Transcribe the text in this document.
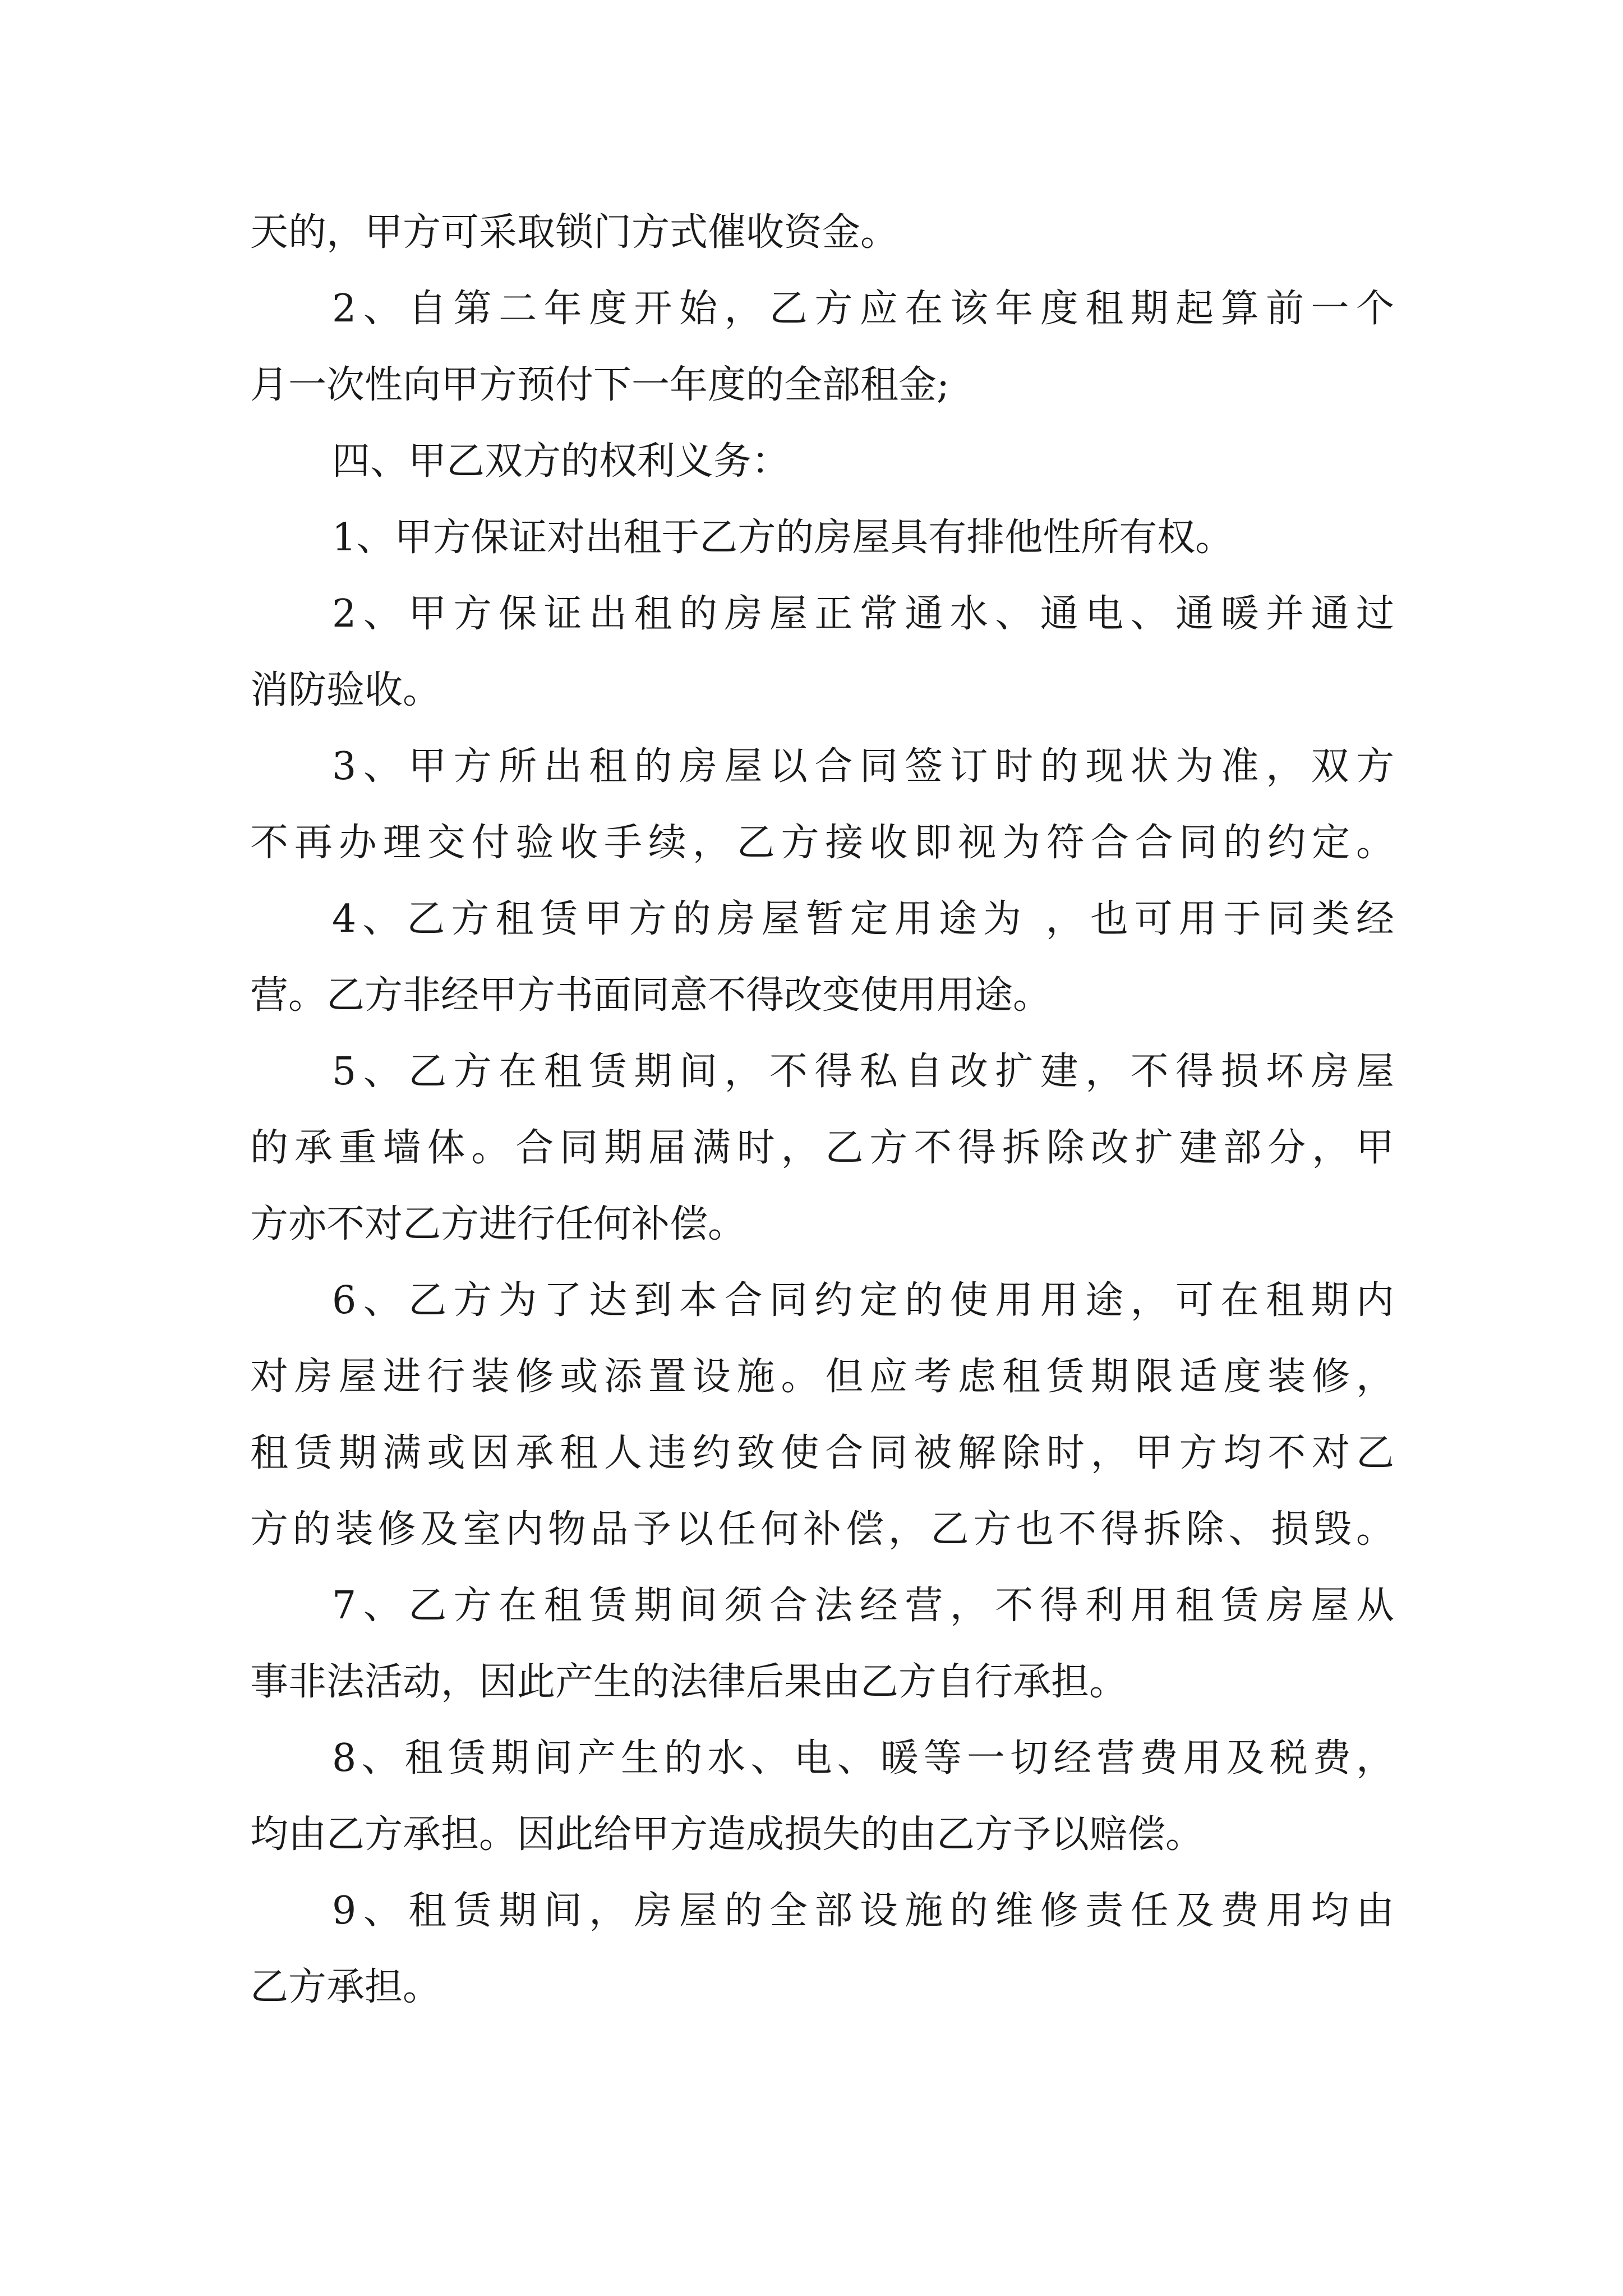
天的，甲方可采取锁门方式催收资金。
2、自第二年度开始，乙方应在该年度租期起算前一个
月一次性向甲方预付下一年度的全部租金;
四、甲乙双方的权利义务：
1、甲方保证对出租于乙方的房屋具有排他性所有权。
2、甲方保证出租的房屋正常通水、通电、通暖并通过
消防验收。
3、甲方所出租的房屋以合同签订时的现状为准，双方
不再办理交付验收手续，乙方接收即视为符合合同的约定。
4、乙方租赁甲方的房屋暂定用途为 ，也可用于同类经
营。乙方非经甲方书面同意不得改变使用用途。
5、乙方在租赁期间，不得私自改扩建，不得损坏房屋
的承重墙体。合同期届满时，乙方不得拆除改扩建部分，甲
方亦不对乙方进行任何补偿。
6、乙方为了达到本合同约定的使用用途，可在租期内
对房屋进行装修或添置设施。但应考虑租赁期限适度装修，
租赁期满或因承租人违约致使合同被解除时，甲方均不对乙
方的装修及室内物品予以任何补偿，乙方也不得拆除、损毁。
7、乙方在租赁期间须合法经营，不得利用租赁房屋从
事非法活动，因此产生的法律后果由乙方自行承担。
8、租赁期间产生的水、电、暖等一切经营费用及税费，
均由乙方承担。因此给甲方造成损失的由乙方予以赔偿。
9、租赁期间，房屋的全部设施的维修责任及费用均由
乙方承担。
